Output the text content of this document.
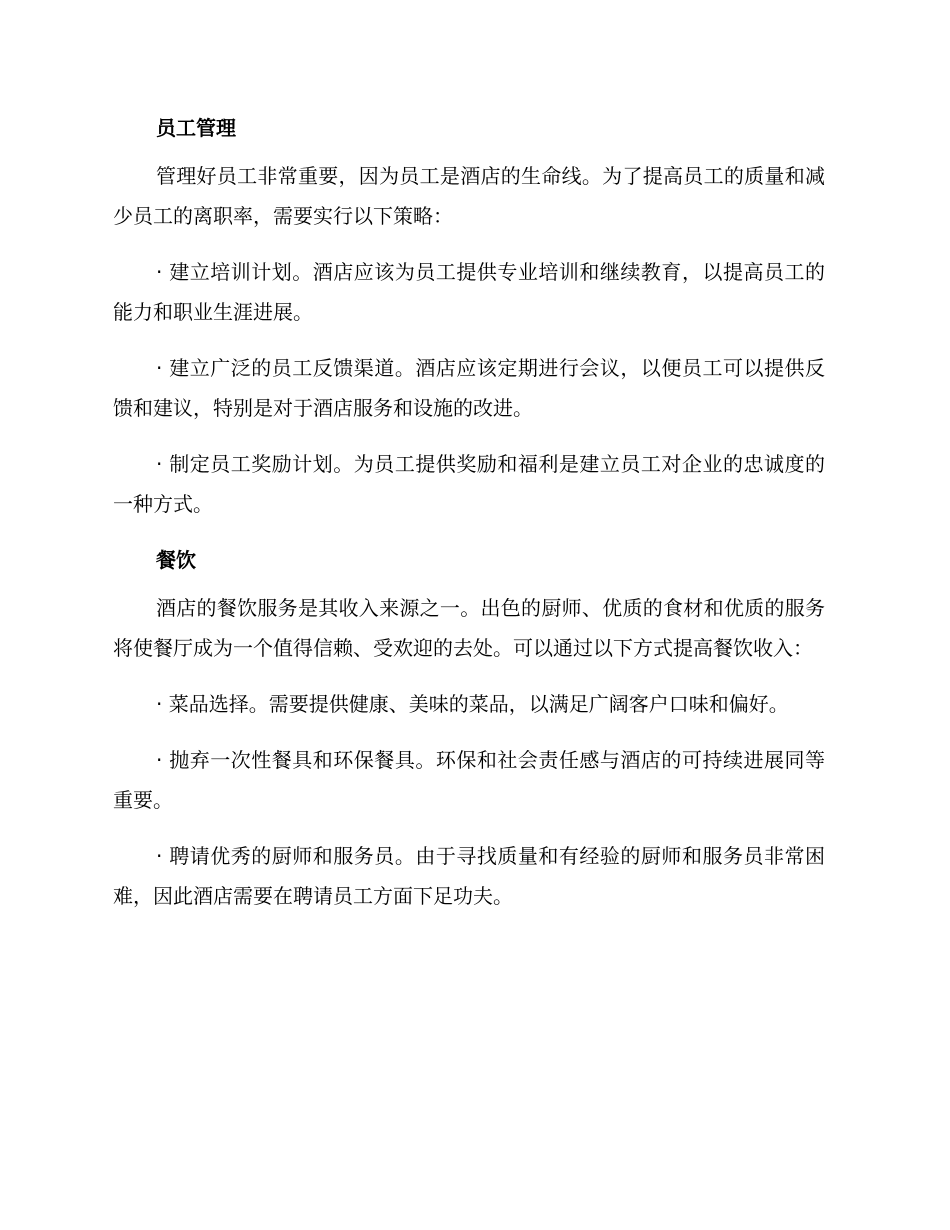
员工管理

管理好员工非常重要，因为员工是酒店的生命线。为了提高员工的质量和减少员工的离职率，需要实行以下策略：

· 建立培训计划。酒店应该为员工提供专业培训和继续教育，以提高员工的能力和职业生涯进展。

· 建立广泛的员工反馈渠道。酒店应该定期进行会议，以便员工可以提供反馈和建议，特别是对于酒店服务和设施的改进。

· 制定员工奖励计划。为员工提供奖励和福利是建立员工对企业的忠诚度的一种方式。

餐饮

酒店的餐饮服务是其收入来源之一。出色的厨师、优质的食材和优质的服务将使餐厅成为一个值得信赖、受欢迎的去处。可以通过以下方式提高餐饮收入：

· 菜品选择。需要提供健康、美味的菜品，以满足广阔客户口味和偏好。

· 抛弃一次性餐具和环保餐具。环保和社会责任感与酒店的可持续进展同等重要。

· 聘请优秀的厨师和服务员。由于寻找质量和有经验的厨师和服务员非常困难，因此酒店需要在聘请员工方面下足功夫。
